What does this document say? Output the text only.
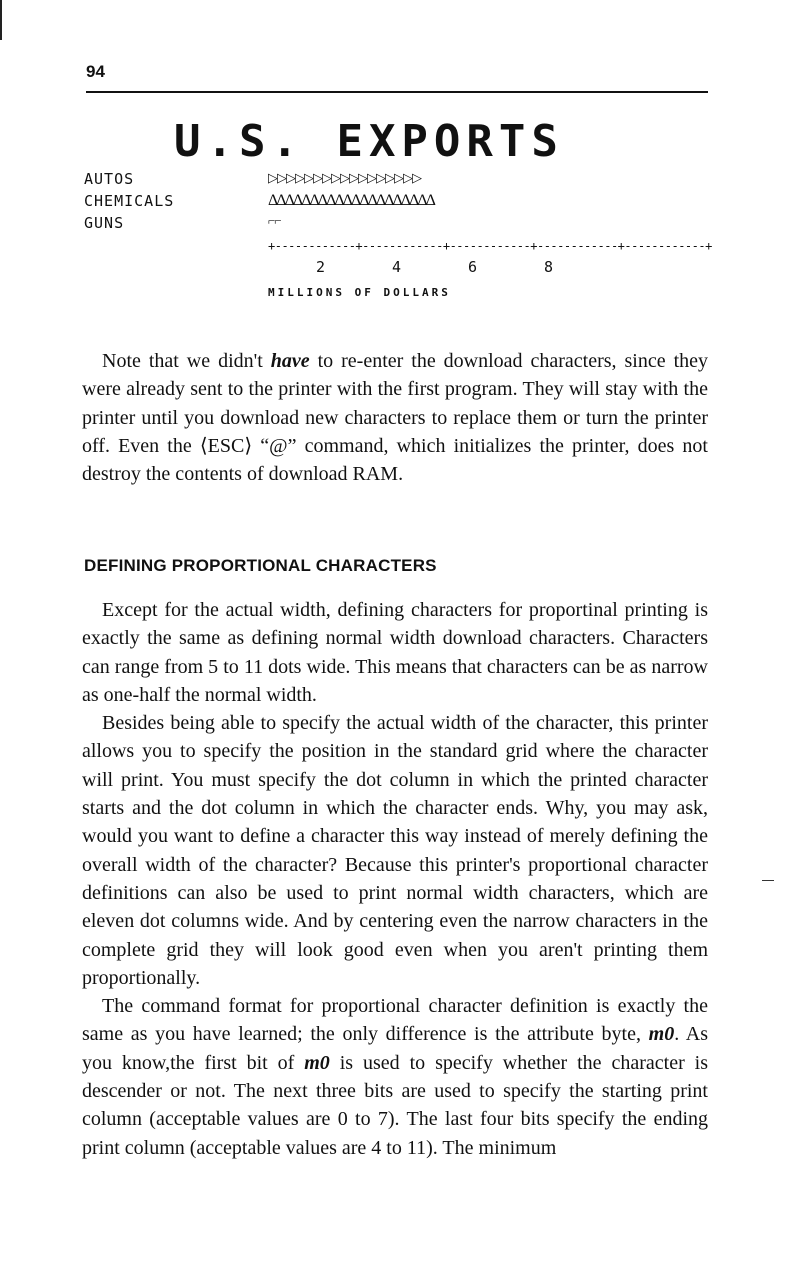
94
U.S. EXPORTS
AUTOS
CHEMICALS
GUNS
▷▷▷▷▷▷▷▷▷▷▷▷▷▷▷▷▷
ΔΔΔΔΔΔΔΔΔΔΔΔΔΔΔΔΔΔΔΔ
⌐⌐
+------------+------------+------------+------------+------------+
2	4	6	8
MILLIONS OF DOLLARS

Note that we didn't have to re-enter the download characters, since they were already sent to the printer with the first program. They will stay with the printer until you download new characters to replace them or turn the printer off. Even the ⟨ESC⟩ “@” command, which initializes the printer, does not destroy the contents of download RAM.

DEFINING PROPORTIONAL CHARACTERS

Except for the actual width, defining characters for proportinal printing is exactly the same as defining normal width download characters. Characters can range from 5 to 11 dots wide. This means that characters can be as narrow as one-half the normal width.

Besides being able to specify the actual width of the character, this printer allows you to specify the position in the standard grid where the character will print. You must specify the dot column in which the printed character starts and the dot column in which the character ends. Why, you may ask, would you want to define a character this way instead of merely defining the overall width of the character? Because this printer's proportional character definitions can also be used to print normal width characters, which are eleven dot columns wide. And by centering even the narrow characters in the complete grid they will look good even when you aren't printing them proportionally.

The command format for proportional character definition is exactly the same as you have learned; the only difference is the attribute byte, m0. As you know,the first bit of m0 is used to specify whether the character is descender or not. The next three bits are used to specify the starting print column (acceptable values are 0 to 7). The last four bits specify the ending print column (acceptable values are 4 to 11). The minimum
